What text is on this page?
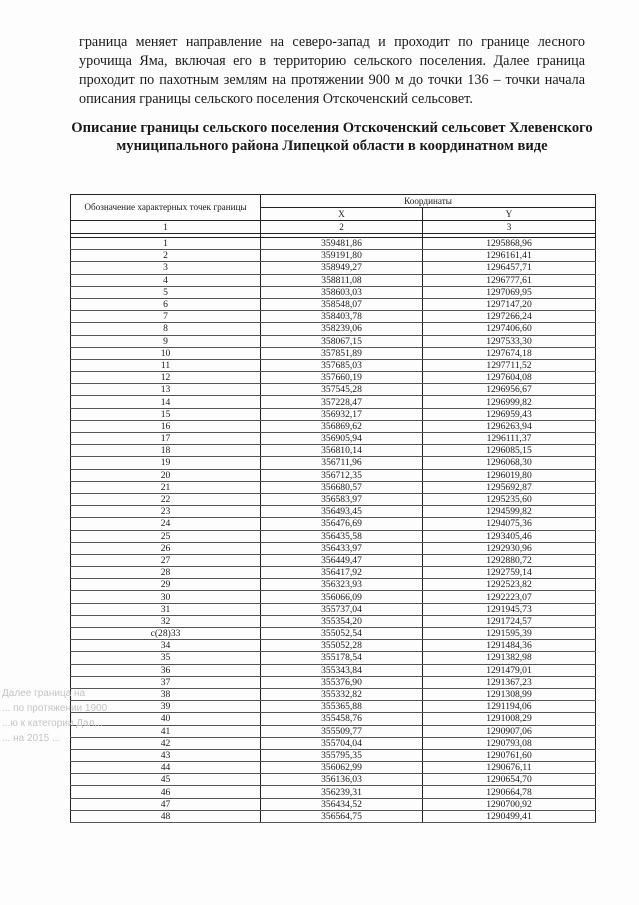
граница меняет направление на северо-запад и проходит по границе лесного урочища Яма, включая его в территорию сельского поселения. Далее граница проходит по пахотным землям на протяжении 900 м до точки 136 – точки начала описания границы сельского поселения Отскоченский сельсовет.

Описание границы сельского поселения Отскоченский сельсовет Хлевенского муниципального района Липецкой области в координатном виде
Обозначение характерных точек границы	Координаты	
	X	Y
1	2	3

1	359481,86	1295868,96
2	359191,80	1296161,41
3	358949,27	1296457,71
4	358811,08	1296777,61
5	358603,03	1297069,95
6	358548,07	1297147,20
7	358403,78	1297266,24
8	358239,06	1297406,60
9	358067,15	1297533,30
10	357851,89	1297674,18
11	357685,03	1297711,52
12	357660,19	1297604,08
13	357545,28	1296956,67
14	357228,47	1296999,82
15	356932,17	1296959,43
16	356869,62	1296263,94
17	356905,94	1296111,37
18	356810,14	1296085,15
19	356711,96	1296068,30
20	356712,35	1296019,80
21	356680,57	1295692,87
22	356583,97	1295235,60
23	356493,45	1294599,82
24	356476,69	1294075,36
25	356435,58	1293405,46
26	356433,97	1292930,96
27	356449,47	1292880,72
28	356417,92	1292759,14
29	356323,93	1292523,82
30	356066,09	1292223,07
31	355737,04	1291945,73
32	355354,20	1291724,57
с(28)33	355052,54	1291595,39
34	355052,28	1291484,36
35	355178,54	1291382,98
36	355343,84	1291479,01
37	355376,90	1291367,23
38	355332,82	1291308,99
39	355365,88	1291194,06
40	355458,76	1291008,29
41	355509,77	1290907,06
42	355704,04	1290793,08
43	355795,35	1290761,60
44	356062,99	1290676,11
45	356136,03	1290654,70
46	356239,31	1290664,78
47	356434,52	1290700,92
48	356564,75	1290499,41
Далее граница на
... по протяжении 1900
...ю к категории Дал...
... на 2015 ...
